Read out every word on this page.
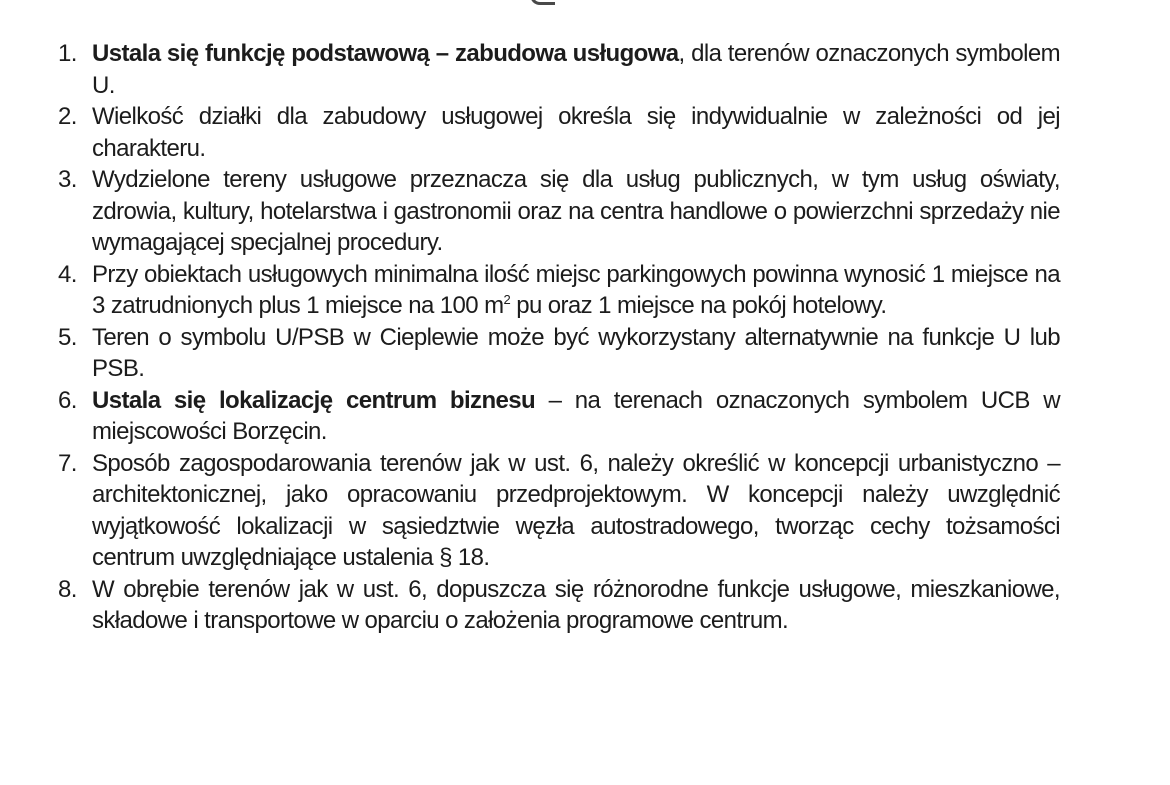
1. Ustala się funkcję podstawową – zabudowa usługowa, dla terenów oznaczonych symbolem U.
2. Wielkość działki dla zabudowy usługowej określa się indywidualnie w zależności od jej charakteru.
3. Wydzielone tereny usługowe przeznacza się dla usług publicznych, w tym usług oświaty, zdrowia, kultury, hotelarstwa i gastronomii oraz na centra handlowe o powierzchni sprzedaży nie wymagającej specjalnej procedury.
4. Przy obiektach usługowych minimalna ilość miejsc parkingowych powinna wynosić 1 miejsce na 3 zatrudnionych plus 1 miejsce na 100 $m^2$ pu oraz 1 miejsce na pokój hotelowy.
5. Teren o symbolu U/PSB w Cieplewie może być wykorzystany alternatywnie na funkcje U lub PSB.
6. Ustala się lokalizację centrum biznesu – na terenach oznaczonych symbolem UCB w miejscowości Borzęcin.
7. Sposób zagospodarowania terenów jak w ust. 6, należy określić w koncepcji urbanistyczno – architektonicznej, jako opracowaniu przedprojektowym. W koncepcji należy uwzględnić wyjątkowość lokalizacji w sąsiedztwie węzła autostradowego, tworząc cechy tożsamości centrum uwzględniające ustalenia § 18.
8. W obrębie terenów jak w ust. 6, dopuszcza się różnorodne funkcje usługowe, mieszkaniowe, składowe i transportowe w oparciu o założenia programowe centrum.
